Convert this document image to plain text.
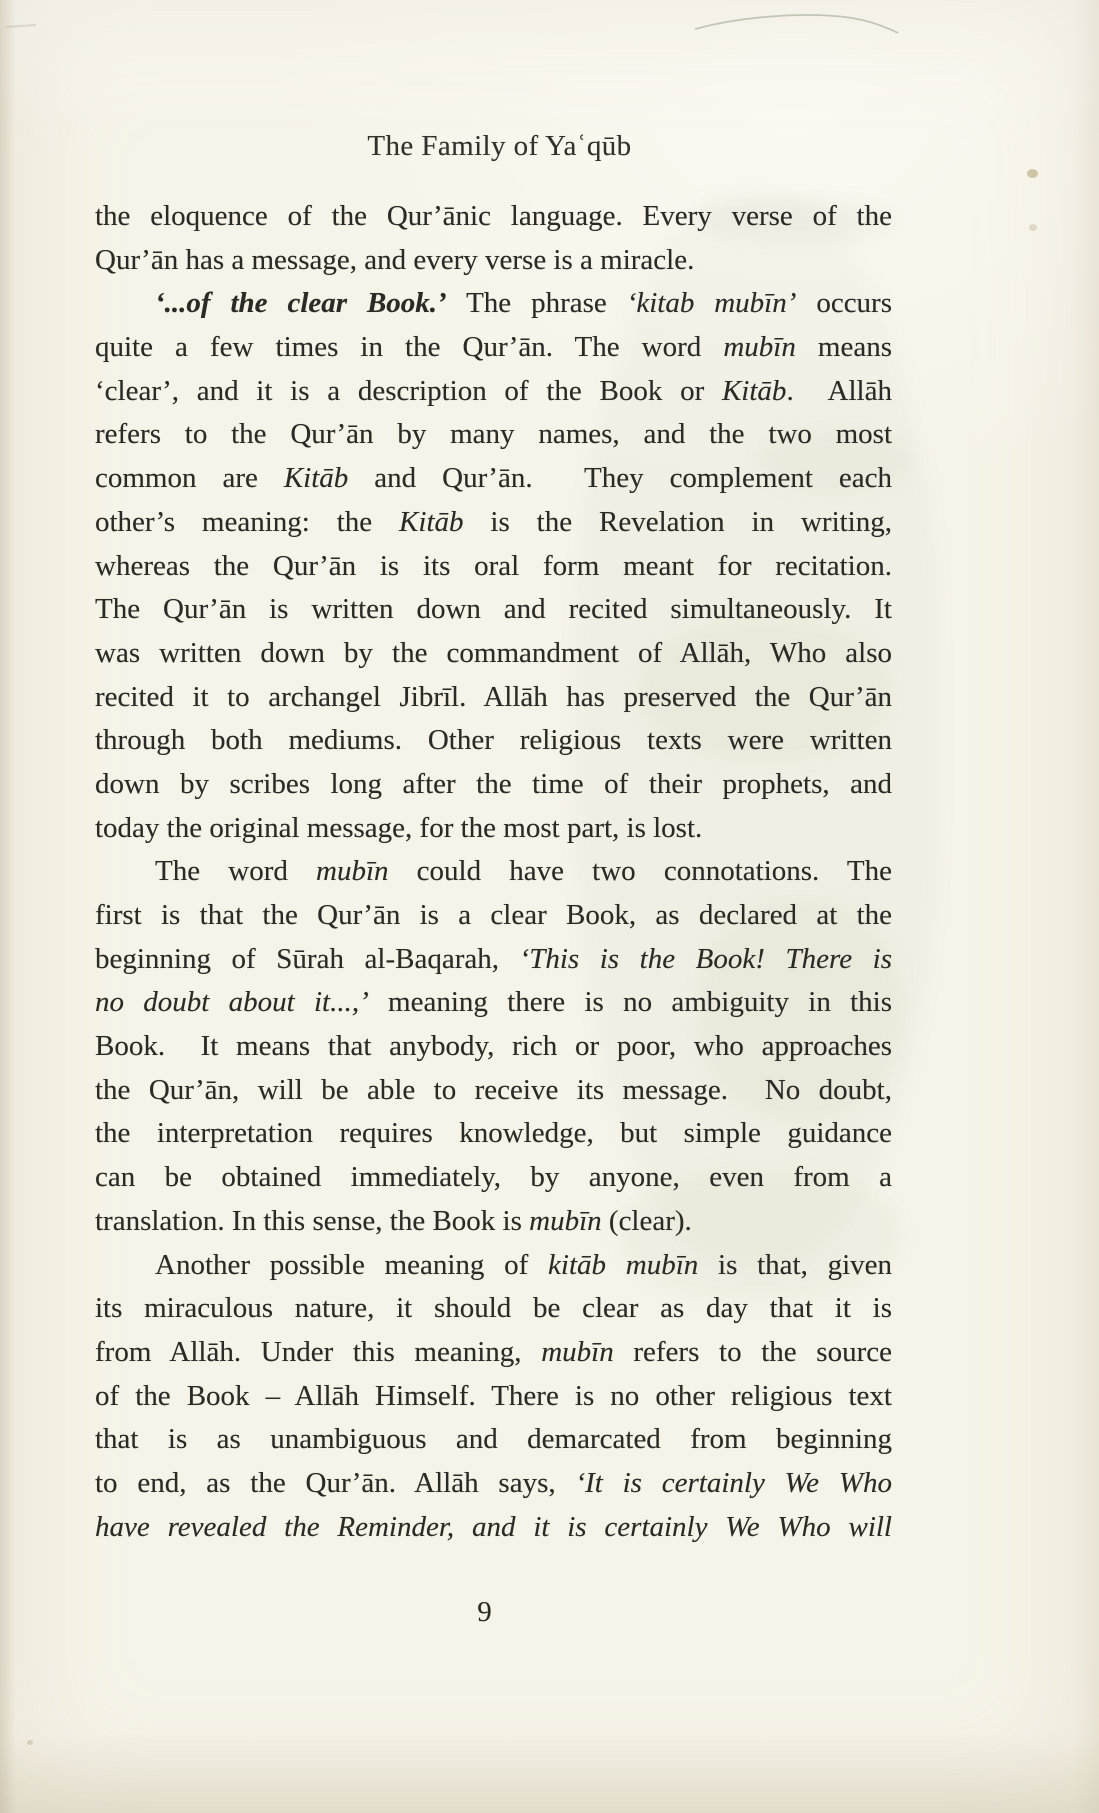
The Family of Yaʿqūb
the eloquence of the Qur’ānic language. Every verse of the
Qur’ān has a message, and every verse is a miracle.
‘...of the clear Book.’ The phrase ‘kitab mubīn’ occurs
quite a few times in the Qur’ān. The word mubīn means
‘clear’, and it is a description of the Book or Kitāb.  Allāh
refers to the Qur’ān by many names, and the two most
common are Kitāb and Qur’ān.  They complement each
other’s meaning: the Kitāb is the Revelation in writing,
whereas the Qur’ān is its oral form meant for recitation.
The Qur’ān is written down and recited simultaneously. It
was written down by the commandment of Allāh, Who also
recited it to archangel Jibrīl. Allāh has preserved the Qur’ān
through both mediums. Other religious texts were written
down by scribes long after the time of their prophets, and
today the original message, for the most part, is lost.
The word mubīn could have two connotations. The
first is that the Qur’ān is a clear Book, as declared at the
beginning of Sūrah al-Baqarah, ‘This is the Book! There is
no doubt about it...,’ meaning there is no ambiguity in this
Book.  It means that anybody, rich or poor, who approaches
the Qur’ān, will be able to receive its message.  No doubt,
the interpretation requires knowledge, but simple guidance
can be obtained immediately, by anyone, even from a
translation. In this sense, the Book is mubīn (clear).
Another possible meaning of kitāb mubīn is that, given
its miraculous nature, it should be clear as day that it is
from Allāh. Under this meaning, mubīn refers to the source
of the Book – Allāh Himself. There is no other religious text
that is as unambiguous and demarcated from beginning
to end, as the Qur’ān. Allāh says, ‘It is certainly We Who
have revealed the Reminder, and it is certainly We Who will
9
